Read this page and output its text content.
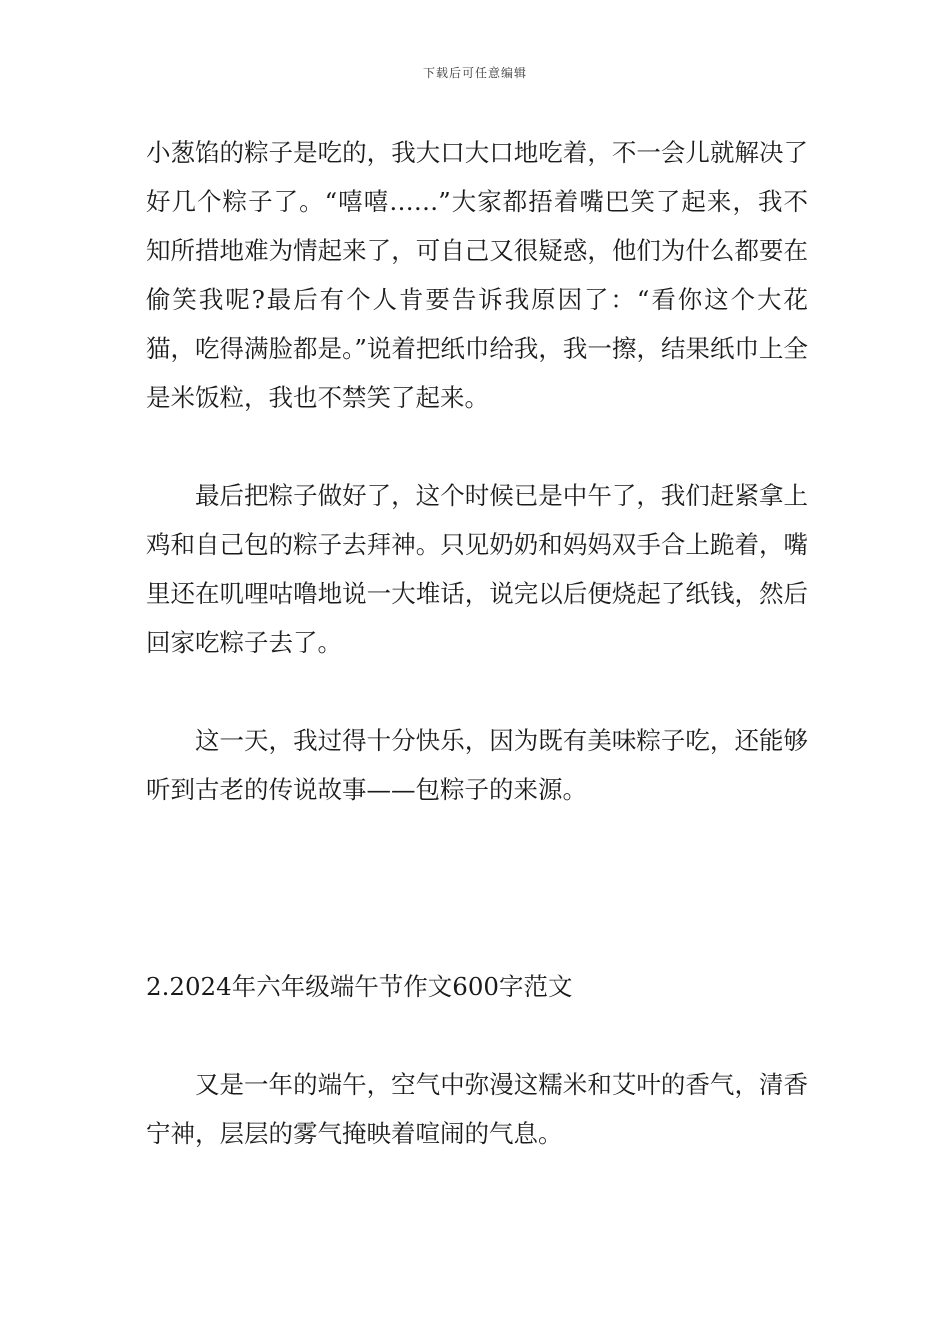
下载后可任意编辑

小葱馅的粽子是吃的，我大口大口地吃着，不一会儿就解决了好几个粽子了。“嘻嘻……”大家都捂着嘴巴笑了起来，我不知所措地难为情起来了，可自己又很疑惑，他们为什么都要在偷笑我呢?最后有个人肯要告诉我原因了：“看你这个大花猫，吃得满脸都是。”说着把纸巾给我，我一擦，结果纸巾上全是米饭粒，我也不禁笑了起来。

最后把粽子做好了，这个时候已是中午了，我们赶紧拿上鸡和自己包的粽子去拜神。只见奶奶和妈妈双手合上跪着，嘴里还在叽哩咕噜地说一大堆话，说完以后便烧起了纸钱，然后回家吃粽子去了。

这一天，我过得十分快乐，因为既有美味粽子吃，还能够听到古老的传说故事——包粽子的来源。

2.2024年六年级端午节作文600字范文

又是一年的端午，空气中弥漫这糯米和艾叶的香气，清香宁神，层层的雾气掩映着喧闹的气息。
